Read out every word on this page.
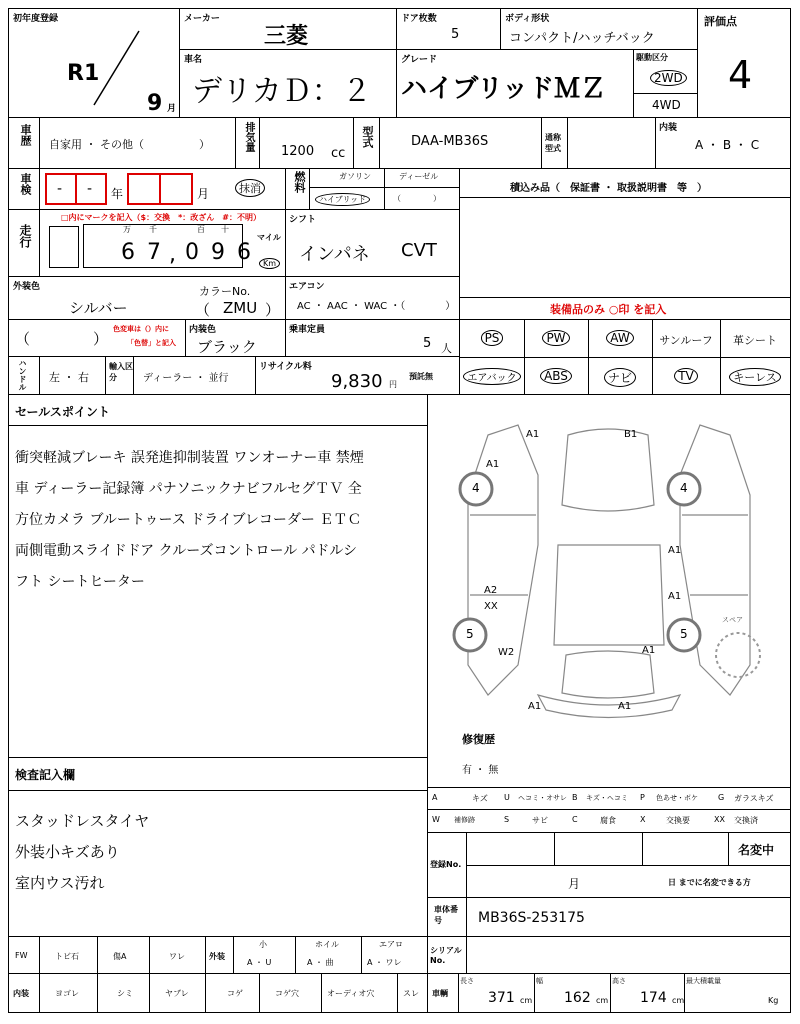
初年度登録
R1
9 月
メーカー
三菱
ドア枚数
5
ボディ形状
コンパクト/ハッチバック
評価点
4
車名
デリカＤ：２
グレード
ハイブリッドＭＺ
駆動区分
2WD
4WD
車歴 自家用 ・ その他（　　　　　）	排気量 1200 cc
型式	DAA-MB36S	通称型式
内装
A ・ B ・ C
車検 - - 年	月	抹消	燃料	ガソリン	ディーゼル
ハイブリッド	（　　　　）
積込み品（　保証書 ・ 取扱説明書　等　）
走行
□内にマークを記入（$：交換　*：改ざん　#：不明）
万 千	百 十
6 7 , 0 9 6
マイル
Km
シフト
インパネ CVT
外装色
シルバー
カラーNo.
（ ZMU ）
エアコン
AC ・ AAC ・ WAC ・（　　　　）	装備品のみ ○印 を記入
（	）
色変車は（）内に
「色替」と記入
内装色
ブラック
乗車定員
5 人
PS	PW	AW	サンルーフ	革シート
エアバック	ABS	ナビ	TV	キーレス
ハンドル 左 ・ 右
輸入区分	ディーラー ・ 並行
リサイクル料
9,830 円
預託無
セールスポイント
衝突軽減ブレーキ 誤発進抑制装置 ワンオーナー車 禁煙
車 ディーラー記録簿 パナソニックナビフルセグＴＶ 全
方位カメラ ブルートゥース ドライブレコーダー ＥＴＣ
両側電動スライドドア クルーズコントロール パドルシ
フト シートヒーター
A1	B1
A1
4	4
A1
A1
A2
XX
5	5
W2	A1
A1	A1
スペア
修復歴
有 ・ 無
検査記入欄
スタッドレスタイヤ
外装小キズあり
室内ウス汚れ
A	キズ U ヘコミ・オサレ B キズ・ヘコミ P 色あせ・ボケ	G ガラスキズ
W 補修跡	S	サビ	C	腐食	X	交換要	XX 交換済
登録No.
名変中
月	日 までに名変できる方
車体番号	MB36S-253175
FW	トビ石	傷A	ワレ	外装
小
A ・ U
ホイル
A ・ 曲
エアロ
A ・ ワレ
シリアルNo.
内装	ヨゴレ	シミ	ヤブレ	コゲ	コゲ穴	オーディオ穴	スレ 車輌
長さ
371 cm
幅
162 cm
高さ
174 cm
最大積載量
Kg
